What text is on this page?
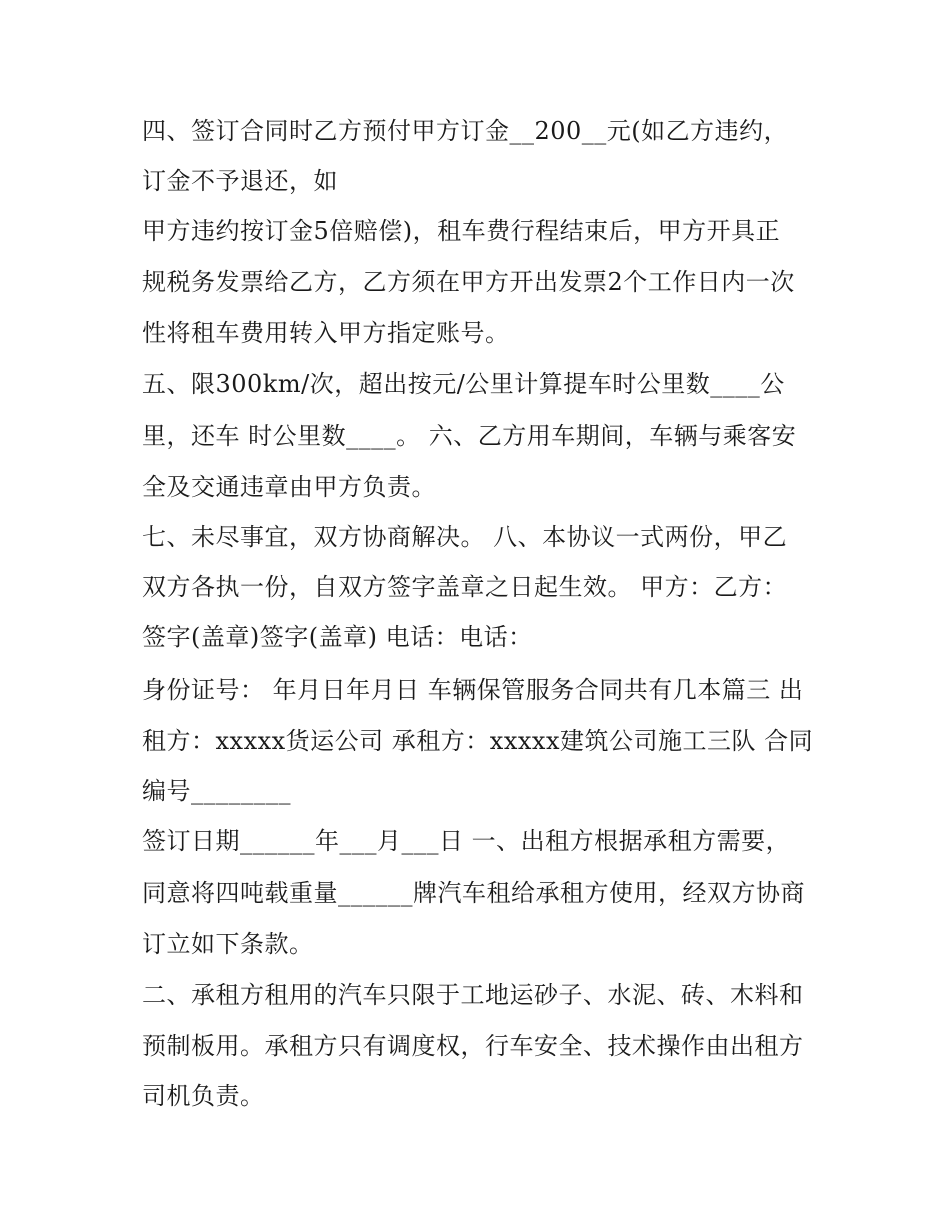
四、签订合同时乙方预付甲方订金__200__元(如乙方违约，
订金不予退还，如
甲方违约按订金5倍赔偿)，租车费行程结束后，甲方开具正
规税务发票给乙方，乙方须在甲方开出发票2个工作日内一次
性将租车费用转入甲方指定账号。
五、限300km/次，超出按元/公里计算提车时公里数____公
里，还车 时公里数____。 六、乙方用车期间，车辆与乘客安
全及交通违章由甲方负责。
七、未尽事宜，双方协商解决。 八、本协议一式两份，甲乙
双方各执一份，自双方签字盖章之日起生效。 甲方：乙方：
签字(盖章)签字(盖章) 电话：电话：
身份证号： 年月日年月日 车辆保管服务合同共有几本篇三 出
租方：xxxxx货运公司 承租方：xxxxx建筑公司施工三队 合同
编号________
签订日期______年___月___日 一、出租方根据承租方需要，
同意将四吨载重量______牌汽车租给承租方使用，经双方协商
订立如下条款。
二、承租方租用的汽车只限于工地运砂子、水泥、砖、木料和
预制板用。承租方只有调度权，行车安全、技术操作由出租方
司机负责。
